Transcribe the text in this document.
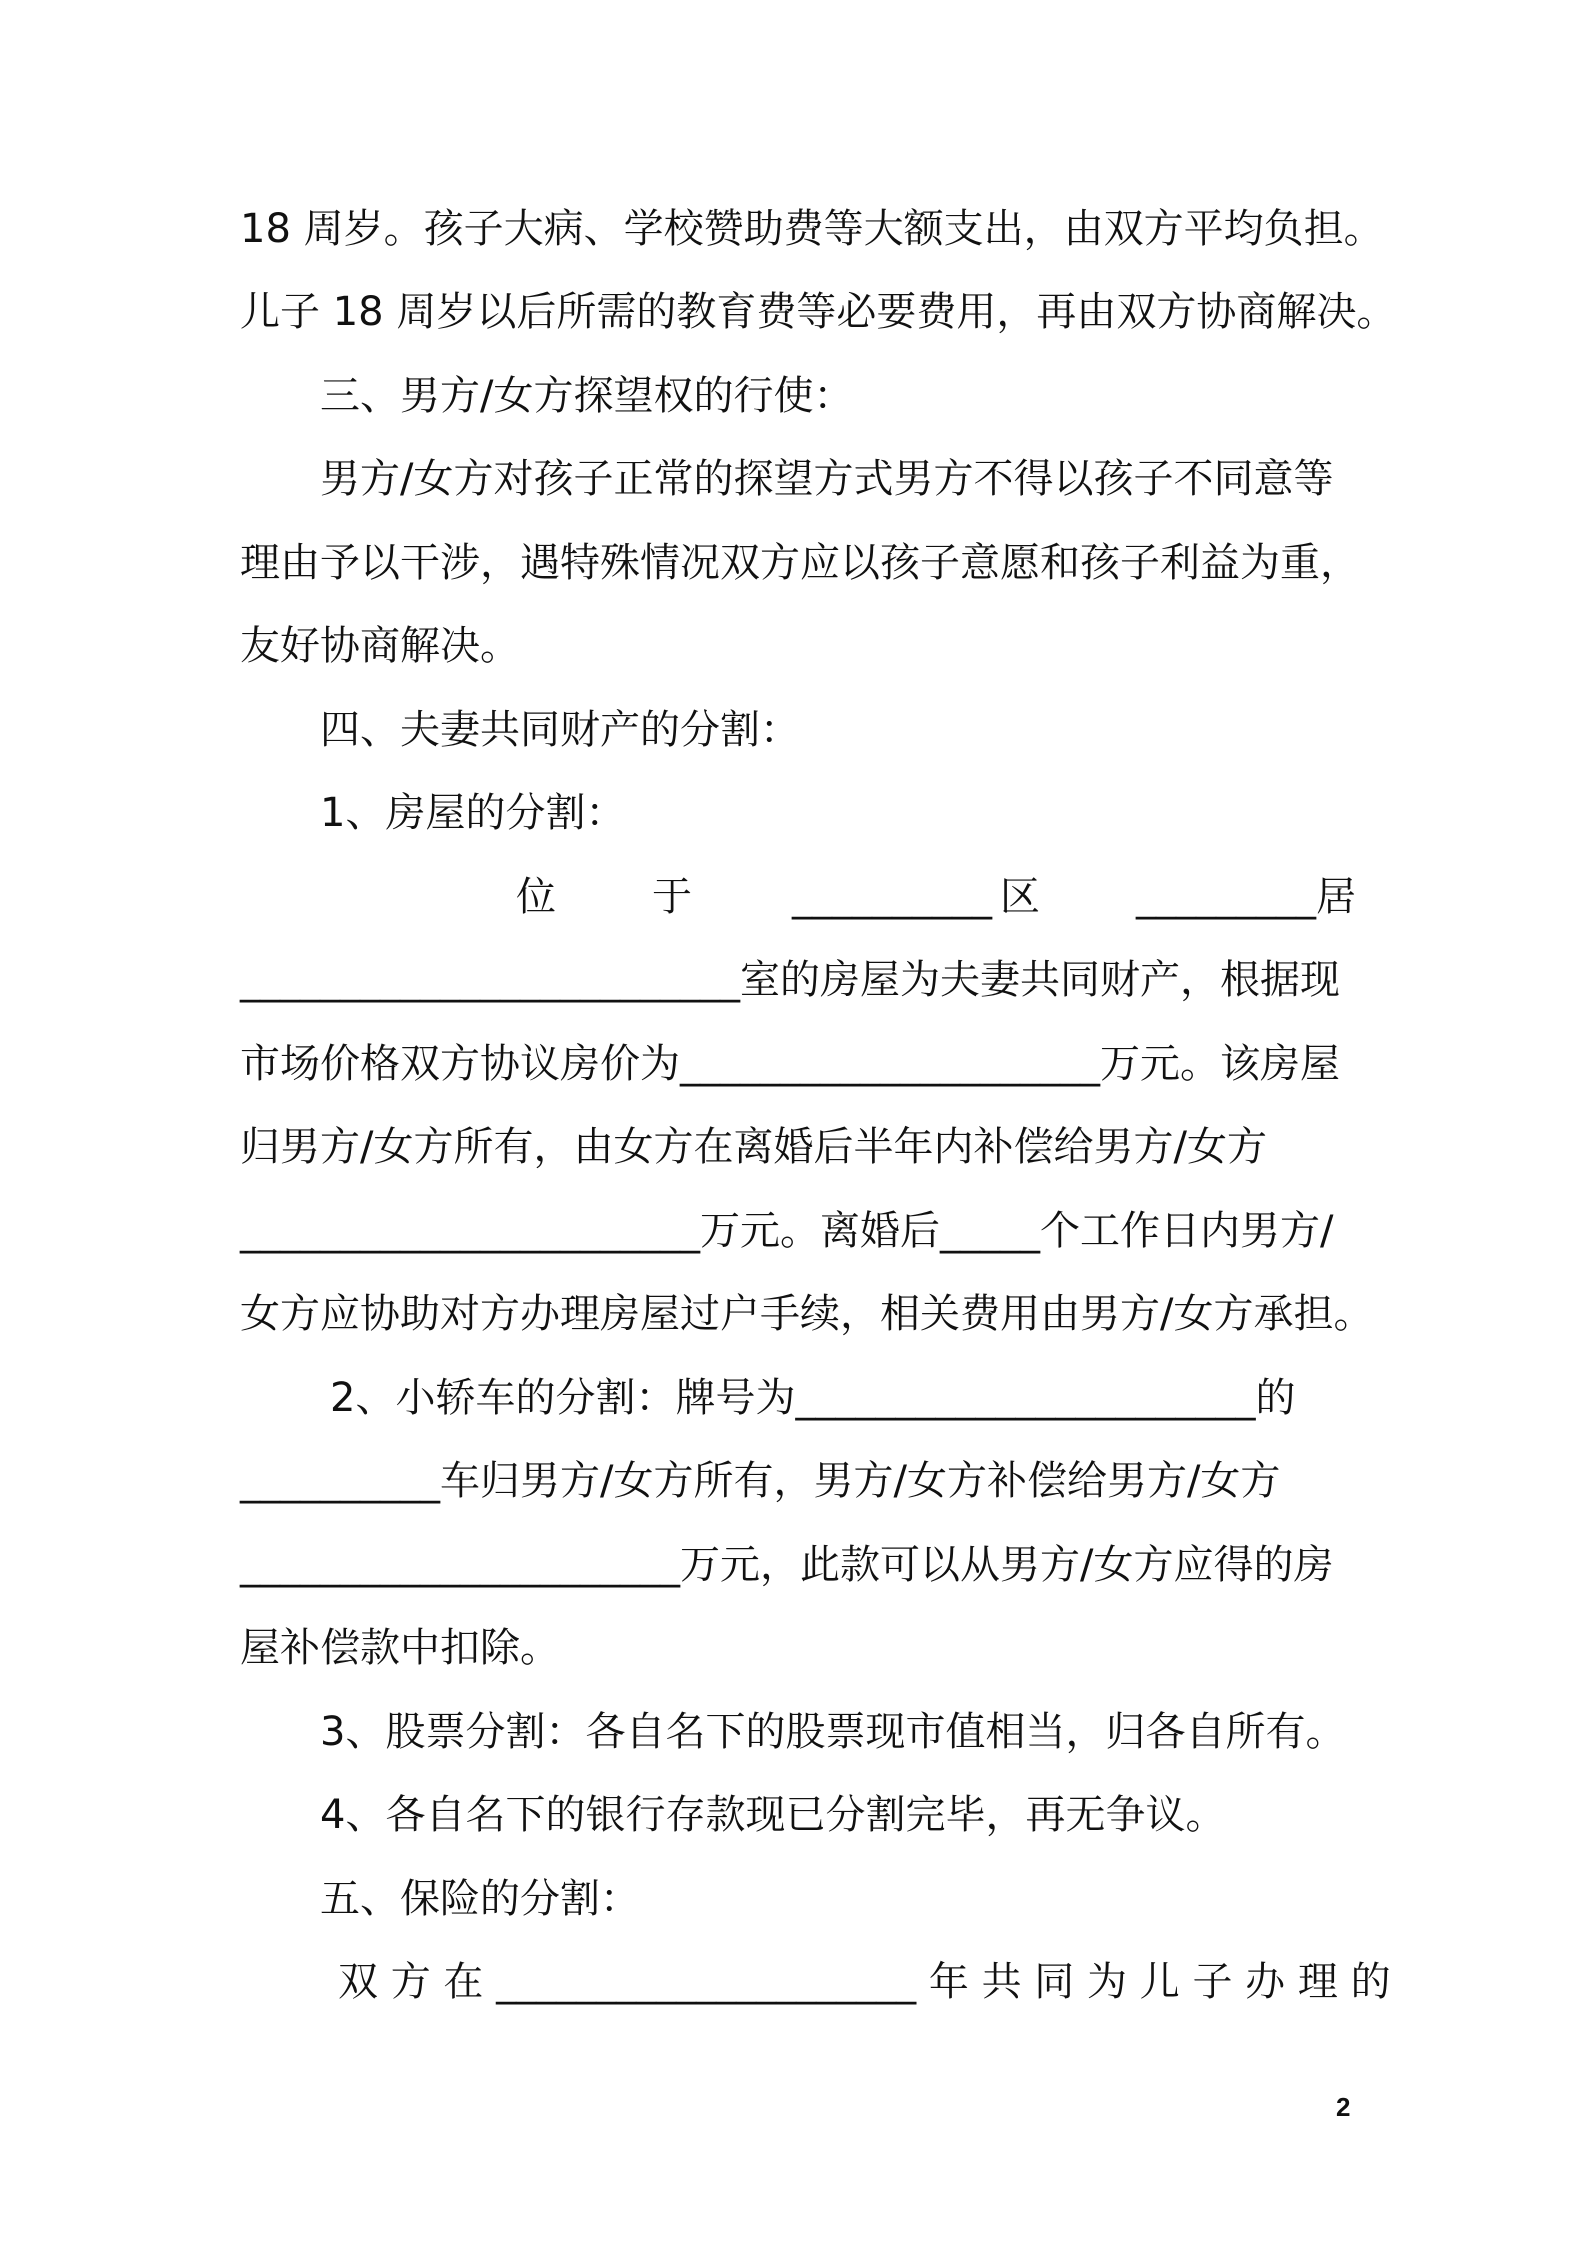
18 周岁。孩子大病、学校赞助费等大额支出，由双方平均负担。
儿子 18 周岁以后所需的教育费等必要费用，再由双方协商解决。
三、男方/女方探望权的行使：
男方/女方对孩子正常的探望方式男方不得以孩子不同意等
理由予以干涉，遇特殊情况双方应以孩子意愿和孩子利益为重，
友好协商解决。
四、夫妻共同财产的分割：
1、房屋的分割：
位 于	__________ 区 _________ 居
_________________________室的房屋为夫妻共同财产，根据现
市场价格双方协议房价为_____________________万元。该房屋
归男方/女方所有，由女方在离婚后半年内补偿给男方/女方
_______________________万元。离婚后_____个工作日内男方/
女方应协助对方办理房屋过户手续，相关费用由男方/女方承担。
2、小轿车的分割：牌号为_______________________的
__________车归男方/女方所有，男方/女方补偿给男方/女方
______________________万元，此款可以从男方/女方应得的房
屋补偿款中扣除。
3、股票分割：各自名下的股票现市值相当，归各自所有。
4、各自名下的银行存款现已分割完毕，再无争议。
五、保险的分割：
双 方 在 _____________________ 年 共 同 为 儿 子 办 理 的
2
